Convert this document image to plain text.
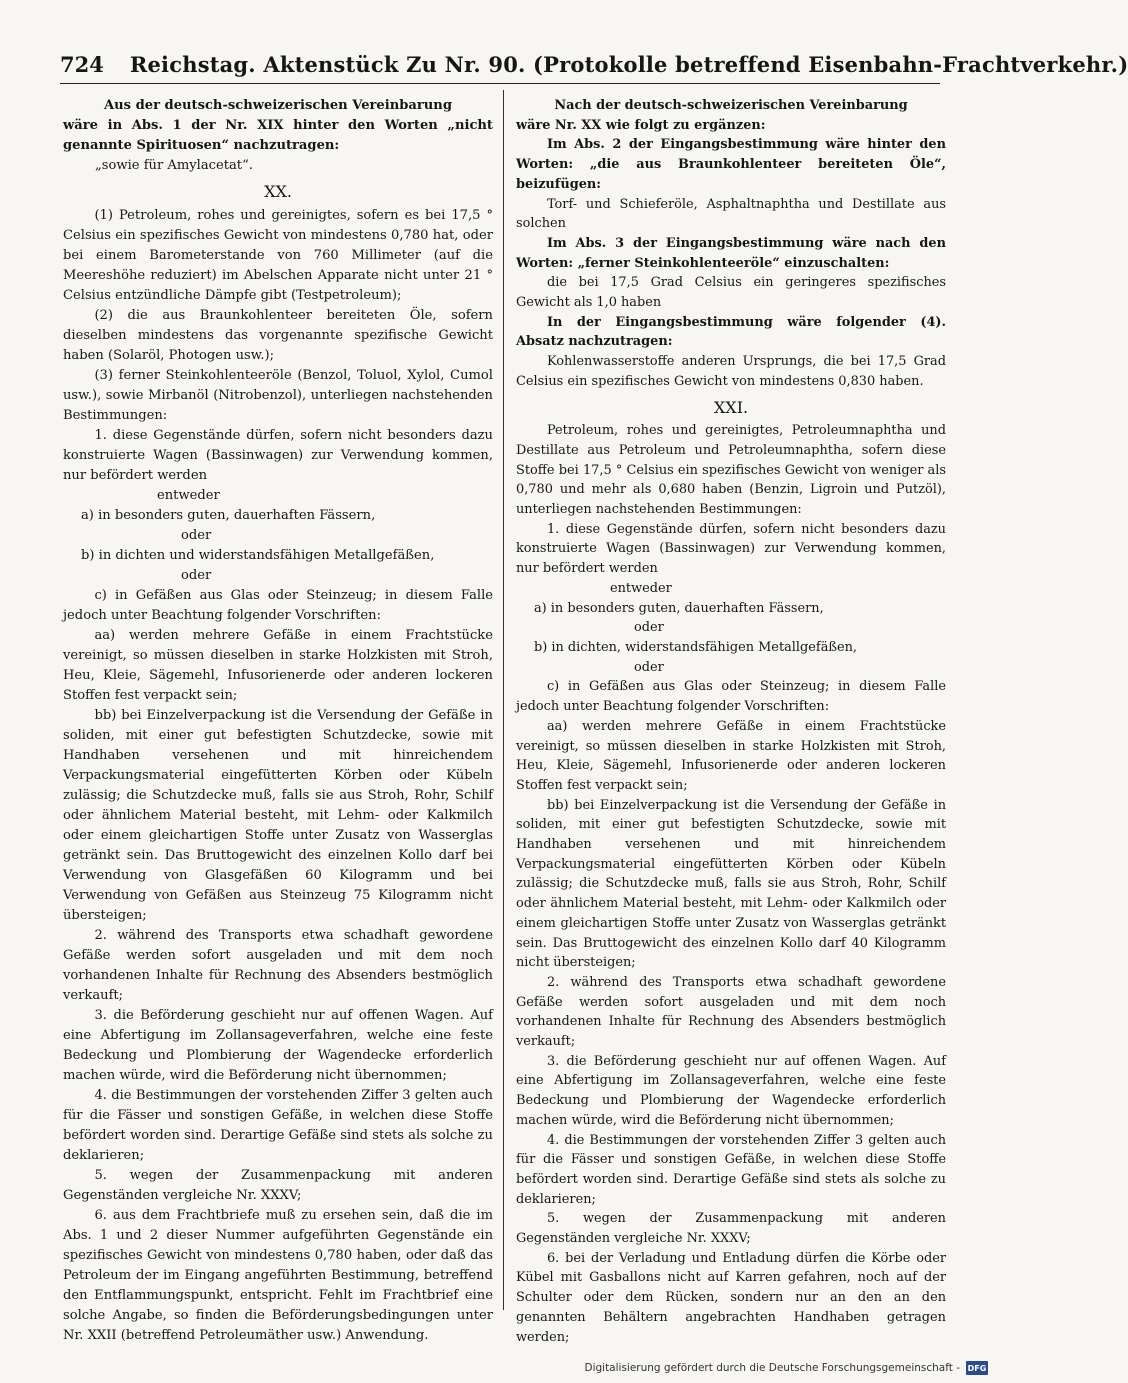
724 Reichstag. Aktenstück Zu Nr. 90. (Protokolle betreffend Eisenbahn-Frachtverkehr.)

Aus der deutsch-schweizerischen Vereinbarung

wäre in Abs. 1 der Nr. XIX hinter den Worten „nicht genannte Spirituosen“ nachzutragen:

„sowie für Amylacetat“.

XX.

(1) Petroleum, rohes und gereinigtes, sofern es bei 17,5 ° Celsius ein spezifisches Gewicht von mindestens 0,780 hat, oder bei einem Barometerstande von 760 Millimeter (auf die Meereshöhe reduziert) im Abelschen Apparate nicht unter 21 ° Celsius entzündliche Dämpfe gibt (Testpetroleum);

(2) die aus Braunkohlenteer bereiteten Öle, sofern dieselben mindestens das vorgenannte spezifische Gewicht haben (Solaröl, Photogen usw.);

(3) ferner Steinkohlenteeröle (Benzol, Toluol, Xylol, Cumol usw.), sowie Mirbanöl (Nitrobenzol), unterliegen nachstehenden Bestimmungen:

1. diese Gegenstände dürfen, sofern nicht besonders dazu konstruierte Wagen (Bassinwagen) zur Verwendung kommen, nur befördert werden

entweder

a) in besonders guten, dauerhaften Fässern,

oder

b) in dichten und widerstandsfähigen Metallgefäßen,

oder

c) in Gefäßen aus Glas oder Steinzeug; in diesem Falle jedoch unter Beachtung folgender Vorschriften:

aa) werden mehrere Gefäße in einem Frachtstücke vereinigt, so müssen dieselben in starke Holzkisten mit Stroh, Heu, Kleie, Sägemehl, Infusorienerde oder anderen lockeren Stoffen fest verpackt sein;

bb) bei Einzelverpackung ist die Versendung der Gefäße in soliden, mit einer gut befestigten Schutzdecke, sowie mit Handhaben versehenen und mit hinreichendem Verpackungsmaterial eingefütterten Körben oder Kübeln zulässig; die Schutzdecke muß, falls sie aus Stroh, Rohr, Schilf oder ähnlichem Material besteht, mit Lehm- oder Kalkmilch oder einem gleichartigen Stoffe unter Zusatz von Wasserglas getränkt sein. Das Bruttogewicht des einzelnen Kollo darf bei Verwendung von Glasgefäßen 60 Kilogramm und bei Verwendung von Gefäßen aus Steinzeug 75 Kilogramm nicht übersteigen;

2. während des Transports etwa schadhaft gewordene Gefäße werden sofort ausgeladen und mit dem noch vorhandenen Inhalte für Rechnung des Absenders bestmöglich verkauft;

3. die Beförderung geschieht nur auf offenen Wagen. Auf eine Abfertigung im Zollansageverfahren, welche eine feste Bedeckung und Plombierung der Wagendecke erforderlich machen würde, wird die Beförderung nicht übernommen;

4. die Bestimmungen der vorstehenden Ziffer 3 gelten auch für die Fässer und sonstigen Gefäße, in welchen diese Stoffe befördert worden sind. Derartige Gefäße sind stets als solche zu deklarieren;

5. wegen der Zusammenpackung mit anderen Gegenständen vergleiche Nr. XXXV;

6. aus dem Frachtbriefe muß zu ersehen sein, daß die im Abs. 1 und 2 dieser Nummer aufgeführten Gegenstände ein spezifisches Gewicht von mindestens 0,780 haben, oder daß das Petroleum der im Eingang angeführten Bestimmung, betreffend den Entflammungspunkt, entspricht. Fehlt im Frachtbrief eine solche Angabe, so finden die Beförderungsbedingungen unter Nr. XXII (betreffend Petroleumäther usw.) Anwendung.

Nach der deutsch-schweizerischen Vereinbarung

wäre Nr. XX wie folgt zu ergänzen:

Im Abs. 2 der Eingangsbestimmung wäre hinter den Worten: „die aus Braunkohlenteer bereiteten Öle“, beizufügen:

Torf- und Schieferöle, Asphaltnaphtha und Destillate aus solchen

Im Abs. 3 der Eingangsbestimmung wäre nach den Worten: „ferner Steinkohlenteeröle“ einzuschalten:

die bei 17,5 Grad Celsius ein geringeres spezifisches Gewicht als 1,0 haben

In der Eingangsbestimmung wäre folgender (4). Absatz nachzutragen:

Kohlenwasserstoffe anderen Ursprungs, die bei 17,5 Grad Celsius ein spezifisches Gewicht von mindestens 0,830 haben.

XXI.

Petroleum, rohes und gereinigtes, Petroleumnaphtha und Destillate aus Petroleum und Petroleumnaphtha, sofern diese Stoffe bei 17,5 ° Celsius ein spezifisches Gewicht von weniger als 0,780 und mehr als 0,680 haben (Benzin, Ligroin und Putzöl), unterliegen nachstehenden Bestimmungen:

1. diese Gegenstände dürfen, sofern nicht besonders dazu konstruierte Wagen (Bassinwagen) zur Verwendung kommen, nur befördert werden

entweder

a) in besonders guten, dauerhaften Fässern,

oder

b) in dichten, widerstandsfähigen Metallgefäßen,

oder

c) in Gefäßen aus Glas oder Steinzeug; in diesem Falle jedoch unter Beachtung folgender Vorschriften:

aa) werden mehrere Gefäße in einem Frachtstücke vereinigt, so müssen dieselben in starke Holzkisten mit Stroh, Heu, Kleie, Sägemehl, Infusorienerde oder anderen lockeren Stoffen fest verpackt sein;

bb) bei Einzelverpackung ist die Versendung der Gefäße in soliden, mit einer gut befestigten Schutzdecke, sowie mit Handhaben versehenen und mit hinreichendem Verpackungsmaterial eingefütterten Körben oder Kübeln zulässig; die Schutzdecke muß, falls sie aus Stroh, Rohr, Schilf oder ähnlichem Material besteht, mit Lehm- oder Kalkmilch oder einem gleichartigen Stoffe unter Zusatz von Wasserglas getränkt sein. Das Bruttogewicht des einzelnen Kollo darf 40 Kilogramm nicht übersteigen;

2. während des Transports etwa schadhaft gewordene Gefäße werden sofort ausgeladen und mit dem noch vorhandenen Inhalte für Rechnung des Absenders bestmöglich verkauft;

3. die Beförderung geschieht nur auf offenen Wagen. Auf eine Abfertigung im Zollansageverfahren, welche eine feste Bedeckung und Plombierung der Wagendecke erforderlich machen würde, wird die Beförderung nicht übernommen;

4. die Bestimmungen der vorstehenden Ziffer 3 gelten auch für die Fässer und sonstigen Gefäße, in welchen diese Stoffe befördert worden sind. Derartige Gefäße sind stets als solche zu deklarieren;

5. wegen der Zusammenpackung mit anderen Gegenständen vergleiche Nr. XXXV;

6. bei der Verladung und Entladung dürfen die Körbe oder Kübel mit Gasballons nicht auf Karren gefahren, noch auf der Schulter oder dem Rücken, sondern nur an den an den genannten Behältern angebrachten Handhaben getragen werden;

Digitalisierung gefördert durch die Deutsche Forschungsgemeinschaft - DFG
